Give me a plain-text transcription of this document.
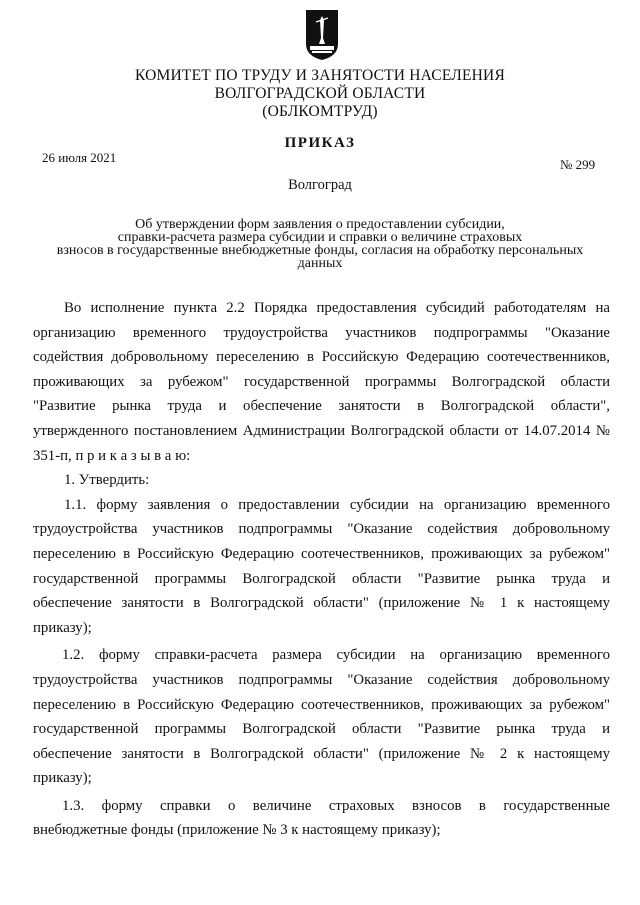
КОМИТЕТ ПО ТРУДУ И ЗАНЯТОСТИ НАСЕЛЕНИЯ
ВОЛГОГРАДСКОЙ ОБЛАСТИ
(ОБЛКОМТРУД)
ПРИКАЗ
26 июля 2021	№ 299
Волгоград
Об утверждении форм заявления о предоставлении субсидии,
справки-расчета размера субсидии и справки о величине страховых
взносов в государственные внебюджетные фонды, согласия на обработку персональных
данных
Во исполнение пункта 2.2 Порядка предоставления субсидий работодателям на
организацию временного трудоустройства участников подпрограммы "Оказание
содействия добровольному переселению в Российскую Федерацию соотечественников,
проживающих за рубежом" государственной программы Волгоградской области
"Развитие рынка труда и обеспечение занятости в Волгоградской области",
утвержденного постановлением Администрации Волгоградской области от 14.07.2014 №
351-п, п р и к а з ы в а ю:
1. Утвердить:
1.1. форму заявления о предоставлении субсидии на организацию временного
трудоустройства участников подпрограммы "Оказание содействия добровольному
переселению в Российскую Федерацию соотечественников, проживающих за рубежом"
государственной программы Волгоградской области "Развитие рынка труда и
обеспечение занятости в Волгоградской области" (приложение № 1 к настоящему
приказу);
1.2. форму справки-расчета размера субсидии на организацию временного
трудоустройства участников подпрограммы "Оказание содействия добровольному
переселению в Российскую Федерацию соотечественников, проживающих за рубежом"
государственной программы Волгоградской области "Развитие рынка труда и
обеспечение занятости в Волгоградской области" (приложение № 2 к настоящему
приказу);
1.3. форму справки о величине страховых взносов в государственные
внебюджетные фонды (приложение № 3 к настоящему приказу);
